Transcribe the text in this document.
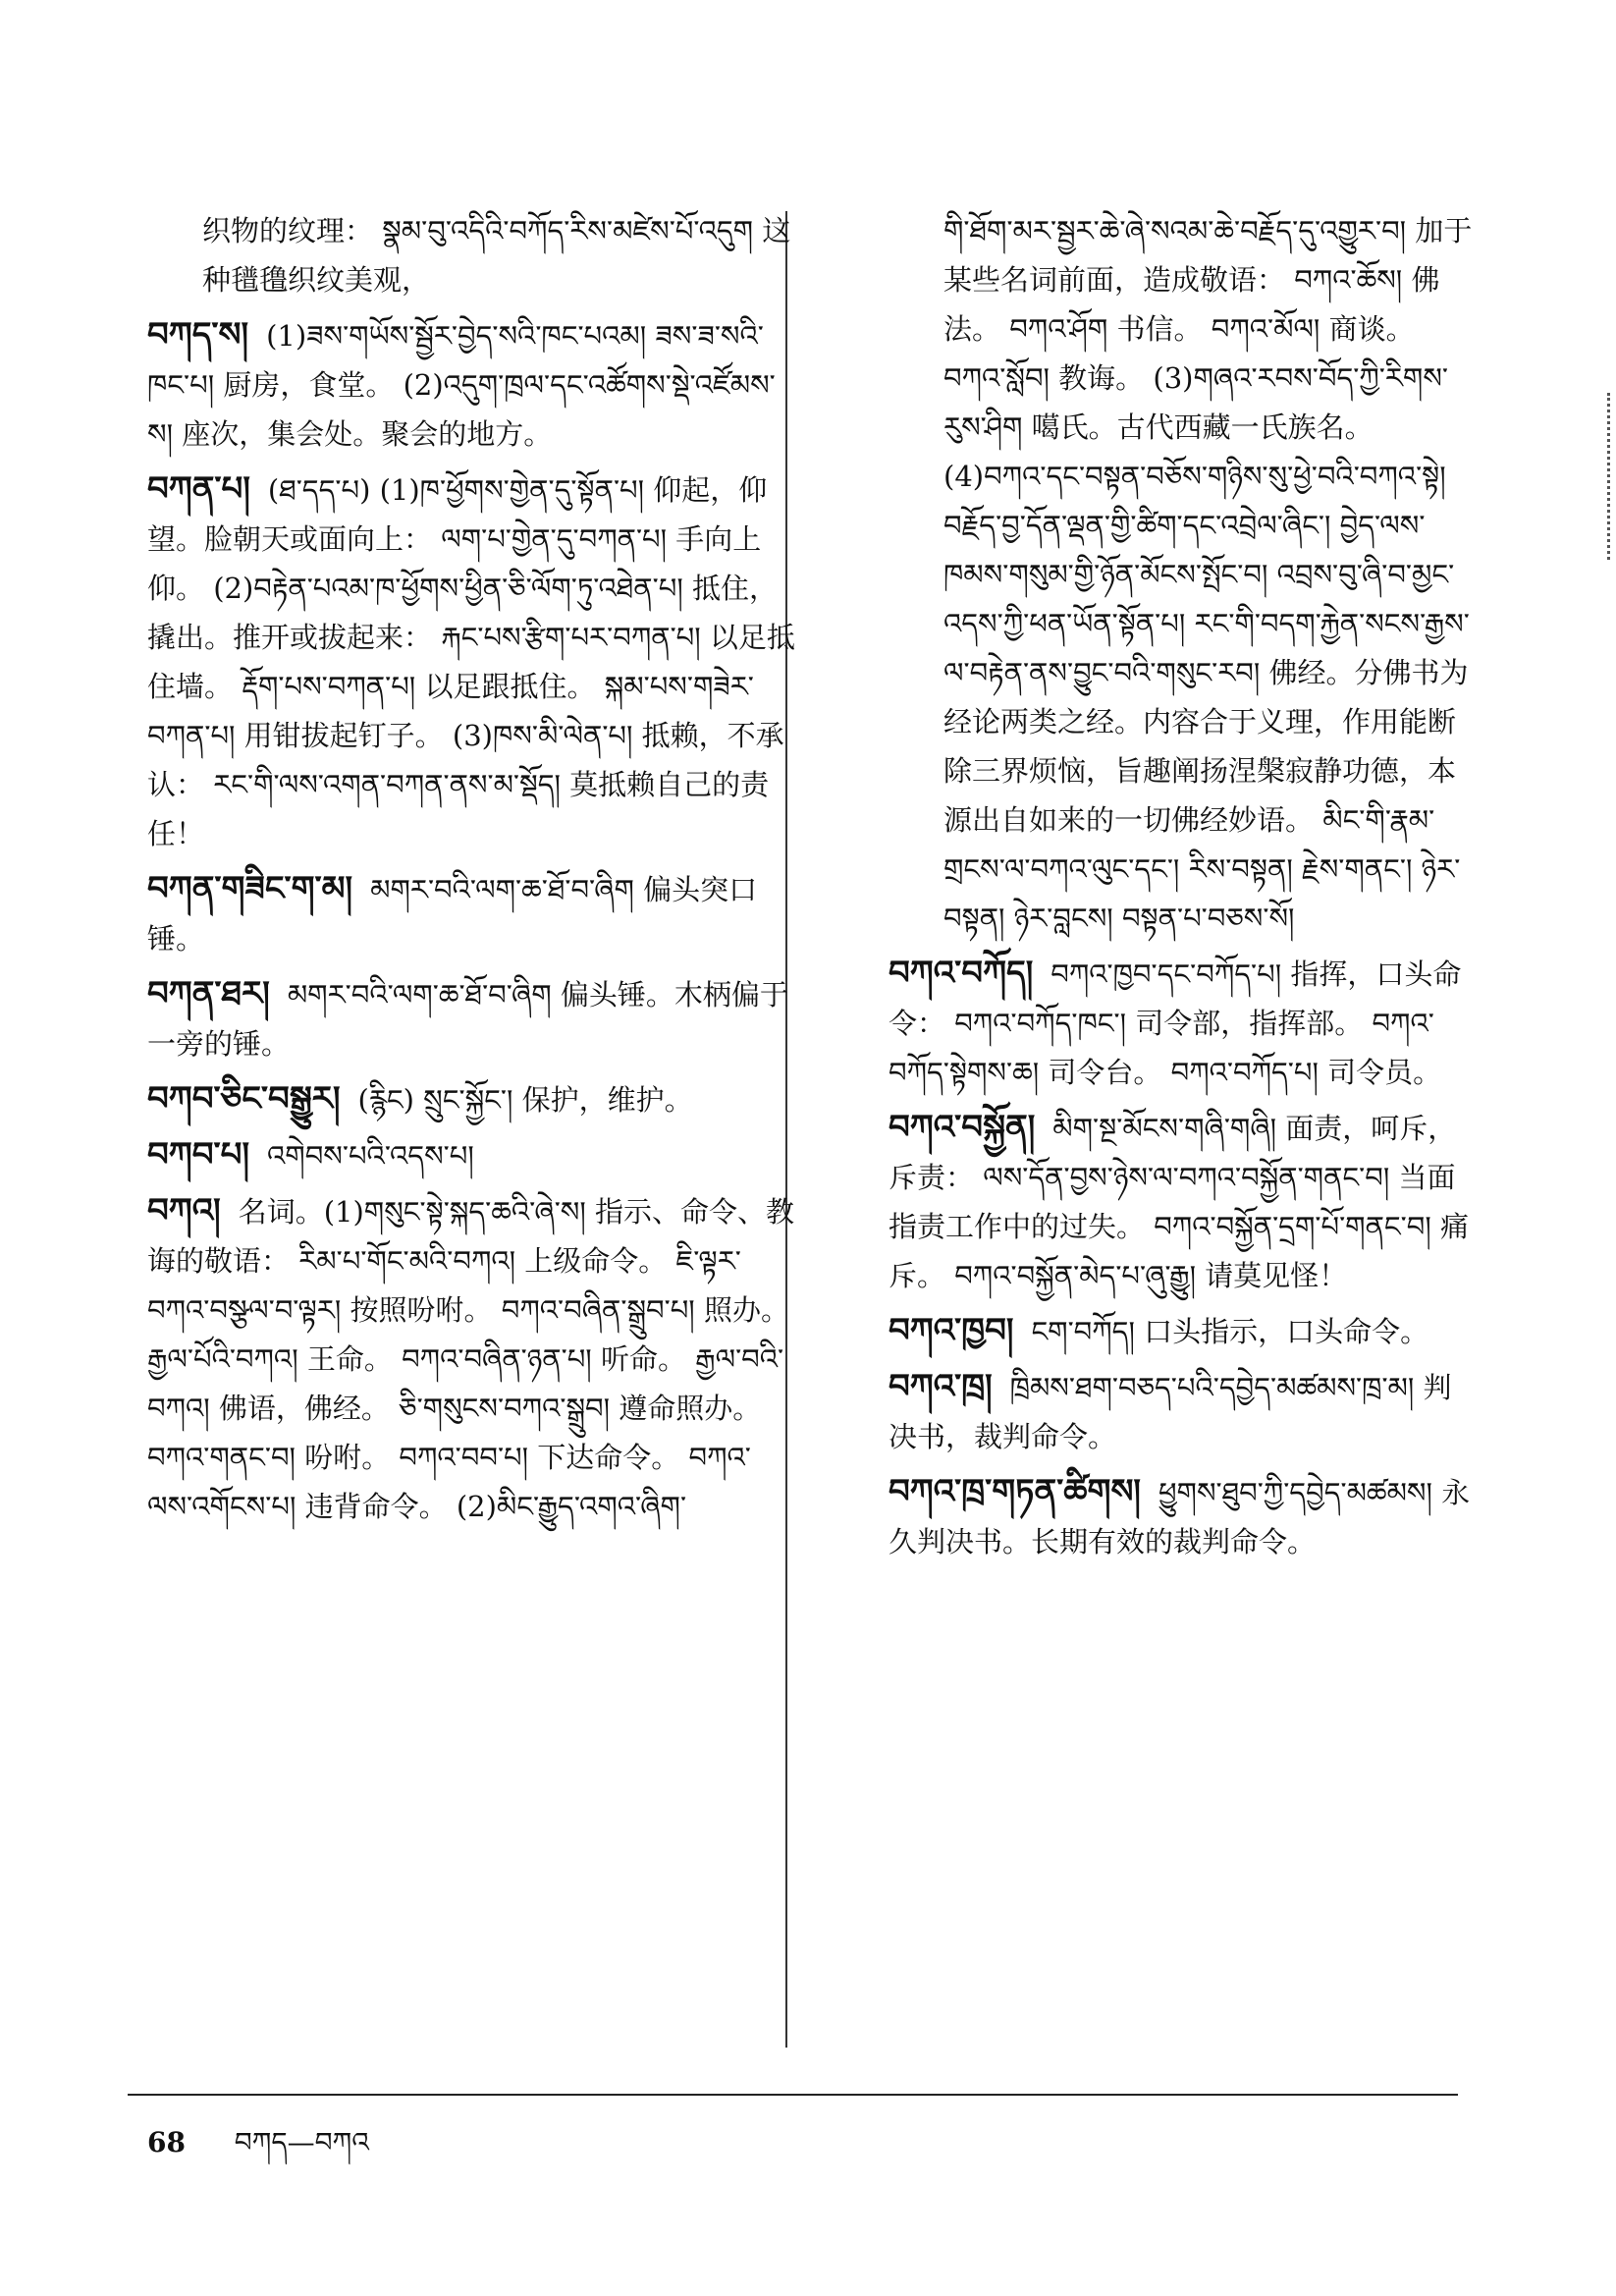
织物的纹理： སྣམ་བུ་འདིའི་བཀོད་རིས་མཛེས་པོ་འདུག 这种氆氇织纹美观，
བཀད་ས། (1)ཟས་གཡོས་སྦྱོར་བྱེད་སའི་ཁང་པའམ། ཟས་ཟ་སའི་ཁང་པ། 厨房，食堂。 (2)འདུག་ཁྲལ་དང་འཚོགས་སྡེ་འཛོམས་ས། 座次，集会处。聚会的地方。
བཀན་པ། (ཐ་དད་པ) (1)ཁ་ཕྱོགས་གྱེན་དུ་སྟོན་པ། 仰起，仰望。脸朝天或面向上： ལག་པ་གྱེན་དུ་བཀན་པ། 手向上仰。 (2)བརྟེན་པའམ་ཁ་ཕྱོགས་ཕྱིན་ཅི་ལོག་ཏུ་འཐེན་པ། 抵住，撬出。推开或拔起来： རྐང་པས་རྩིག་པར་བཀན་པ། 以足抵住墙。 རྡོག་པས་བཀན་པ། 以足跟抵住。 སྐམ་པས་གཟེར་བཀན་པ། 用钳拔起钉子。 (3)ཁས་མི་ལེན་པ། 抵赖，不承认： རང་གི་ལས་འགན་བཀན་ནས་མ་སྡོད། 莫抵赖自己的责任！
བཀན་གཟིང་ག་མ། མགར་བའི་ལག་ཆ་ཐོ་བ་ཞིག 偏头突口锤。
བཀན་ཐར། མགར་བའི་ལག་ཆ་ཐོ་བ་ཞིག 偏头锤。木柄偏于一旁的锤。
བཀབ་ཅིང་བསྒྱུར། (རྙིང) སྲུང་སྐྱོང་། 保护，维护。
བཀབ་པ། འགེབས་པའི་འདས་པ།
བཀའ། 名词。(1)གསུང་སྟེ་སྐད་ཆའི་ཞེ་ས། 指示、命令、教诲的敬语： རིམ་པ་གོང་མའི་བཀའ། 上级命令。 ཇི་ལྟར་བཀའ་བསྩལ་བ་ལྟར། 按照吩咐。 བཀའ་བཞིན་སྒྲུབ་པ། 照办。 རྒྱལ་པོའི་བཀའ། 王命。 བཀའ་བཞིན་ཉན་པ། 听命。 རྒྱལ་བའི་བཀའ། 佛语，佛经。 ཅི་གསུངས་བཀའ་སྒྲུབ། 遵命照办。 བཀའ་གནང་བ། 吩咐。 བཀའ་བབ་པ། 下达命令。 བཀའ་ལས་འགོངས་པ། 违背命令。 (2)མིང་རྒྱུད་འགའ་ཞིག་
གི་ཐོག་མར་སྦྱར་ཆེ་ཞེ་སའམ་ཆེ་བརྗོད་དུ་འགྱུར་བ། 加于某些名词前面，造成敬语： བཀའ་ཆོས། 佛法。 བཀའ་ཤོག 书信。 བཀའ་མོལ། 商谈。 བཀའ་སློབ། 教诲。 (3)གཞའ་རབས་བོད་ཀྱི་རིགས་རུས་ཤིག 噶氏。古代西藏一氏族名。 (4)བཀའ་དང་བསྟན་བཅོས་གཉིས་སུ་ཕྱེ་བའི་བཀའ་སྟེ། བརྗོད་བྱ་དོན་ལྡན་གྱི་ཚིག་དང་འབྲེལ་ཞིང་། བྱེད་ལས་ཁམས་གསུམ་གྱི་ཉོན་མོངས་སྤོང་བ། འབྲས་བུ་ཞི་བ་མྱང་འདས་ཀྱི་ཕན་ཡོན་སྟོན་པ། རང་གི་བདག་རྐྱེན་སངས་རྒྱས་ལ་བརྟེན་ནས་བྱུང་བའི་གསུང་རབ། 佛经。分佛书为经论两类之经。内容合于义理，作用能断除三界烦恼，旨趣阐扬涅槃寂静功德，本源出自如来的一切佛经妙语。 མིང་གི་རྣམ་གྲངས་ལ་བཀའ་ལུང་དང་། རིས་བསྟན། རྗེས་གནང་། ཉེར་བསྟན། ཉེར་བླངས། བསྟན་པ་བཅས་སོ།
བཀའ་བཀོད། བཀའ་ཁྱབ་དང་བཀོད་པ། 指挥，口头命令： བཀའ་བཀོད་ཁང་། 司令部，指挥部。 བཀའ་བཀོད་སྟེགས་ཆ། 司令台。 བཀའ་བཀོད་པ། 司令员。
བཀའ་བསྐྱོན། མིག་སྔ་མོངས་གཞི་གཞི། 面责，呵斥，斥责： ལས་དོན་བྱས་ཉེས་ལ་བཀའ་བསྐྱོན་གནང་བ། 当面指责工作中的过失。 བཀའ་བསྐྱོན་དྲག་པོ་གནང་བ། 痛斥。 བཀའ་བསྐྱོན་མེད་པ་ཞུ་རྒྱུ། 请莫见怪！
བཀའ་ཁྱབ། ངག་བཀོད། 口头指示，口头命令。
བཀའ་ཁྲ། ཁྲིམས་ཐག་བཅད་པའི་དབྱེད་མཚམས་ཁྲ་མ། 判决书，裁判命令。
བཀའ་ཁྲ་གཏན་ཚིགས། ཕྱུགས་ཐུབ་ཀྱི་དབྱེད་མཚམས། 永久判决书。长期有效的裁判命令。
68 བཀད—བཀའ
